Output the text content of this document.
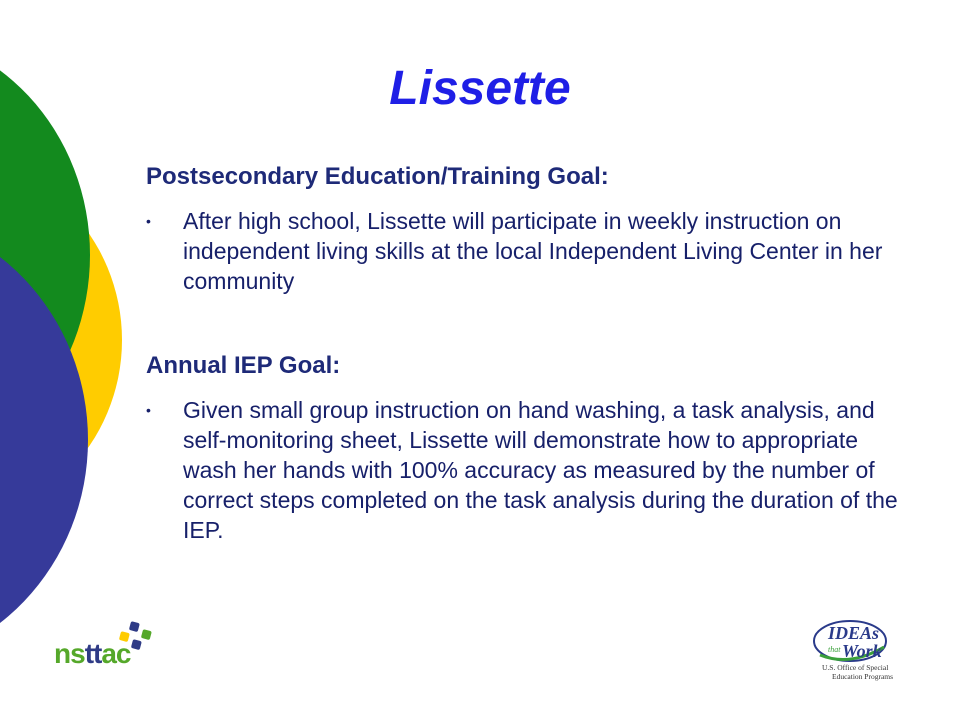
Lissette

Postsecondary Education/Training Goal:

• After high school, Lissette will participate in weekly instruction on independent living skills at the local Independent Living Center in her community

Annual IEP Goal:

• Given small group instruction on hand washing, a task analysis, and self-monitoring sheet, Lissette will demonstrate how to appropriate wash her hands with 100% accuracy as measured by the number of correct steps completed on the task analysis during the duration of the IEP.
nsttac
IDEAs
that Work
U.S. Office of Special
Education Programs
